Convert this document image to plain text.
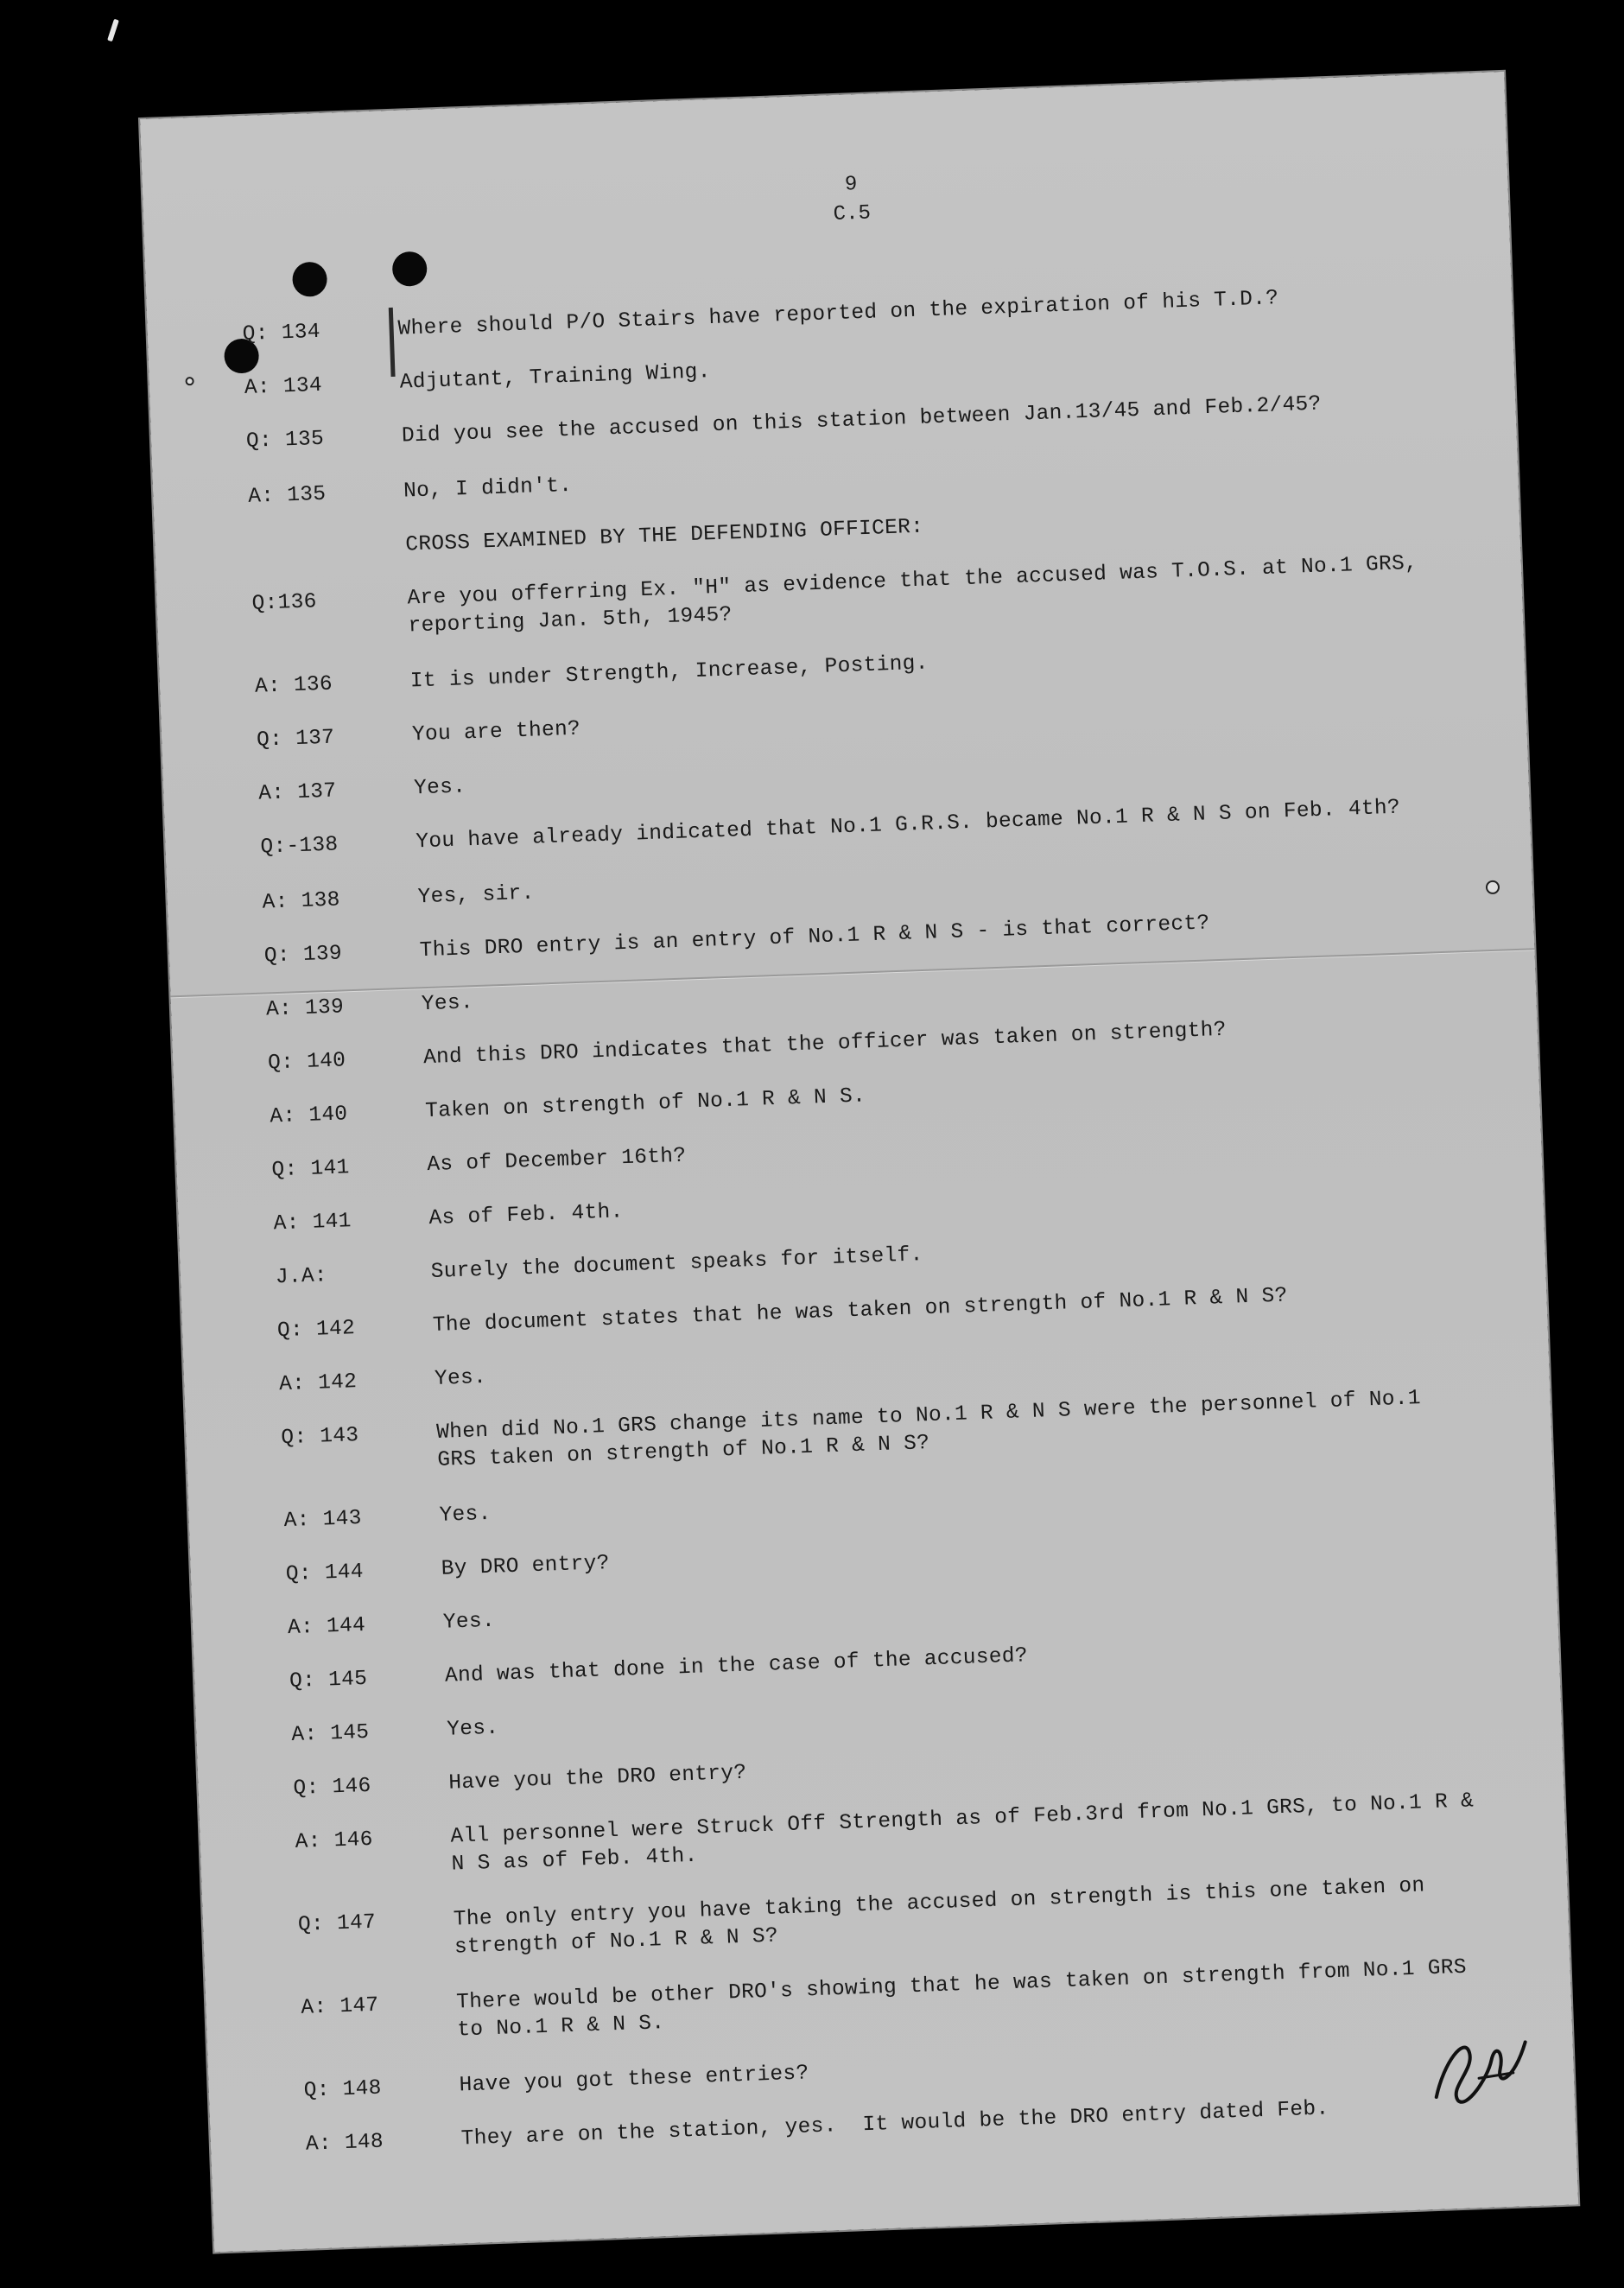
9
C.5
Q: 134	Where should P/O Stairs have reported on the expiration of his T.D.?
A: 134	Adjutant, Training Wing.
Q: 135	Did you see the accused on this station between Jan.13/45 and Feb.2/45?
A: 135	No, I didn't.
CROSS EXAMINED BY THE DEFENDING OFFICER:
Q:136	Are you offerring Ex. "H" as evidence that the accused was T.O.S. at No.1 GRS, reporting Jan. 5th, 1945?
A: 136	It is under Strength, Increase, Posting.
Q: 137	You are then?
A: 137	Yes.
Q:-138	You have already indicated that No.1 G.R.S. became No.1 R & N S on Feb. 4th?
A: 138	Yes, sir.
Q: 139	This DRO entry is an entry of No.1 R & N S - is that correct?
A: 139	Yes.
Q: 140	And this DRO indicates that the officer was taken on strength?
A: 140	Taken on strength of No.1 R & N S.
Q: 141	As of December 16th?
A: 141	As of Feb. 4th.
J.A:	Surely the document speaks for itself.
Q: 142	The document states that he was taken on strength of No.1 R & N S?
A: 142	Yes.
Q: 143	When did No.1 GRS change its name to No.1 R & N S were the personnel of No.1 GRS taken on strength of No.1 R & N S?
A: 143	Yes.
Q: 144	By DRO entry?
A: 144	Yes.
Q: 145	And was that done in the case of the accused?
A: 145	Yes.
Q: 146	Have you the DRO entry?
A: 146	All personnel were Struck Off Strength as of Feb.3rd from No.1 GRS, to No.1 R & N S as of Feb. 4th.
Q: 147	The only entry you have taking the accused on strength is this one taken on strength of No.1 R & N S?
A: 147	There would be other DRO's showing that he was taken on strength from No.1 GRS to No.1 R & N S.
Q: 148	Have you got these entries?
A: 148	They are on the station, yes.  It would be the DRO entry dated Feb.
